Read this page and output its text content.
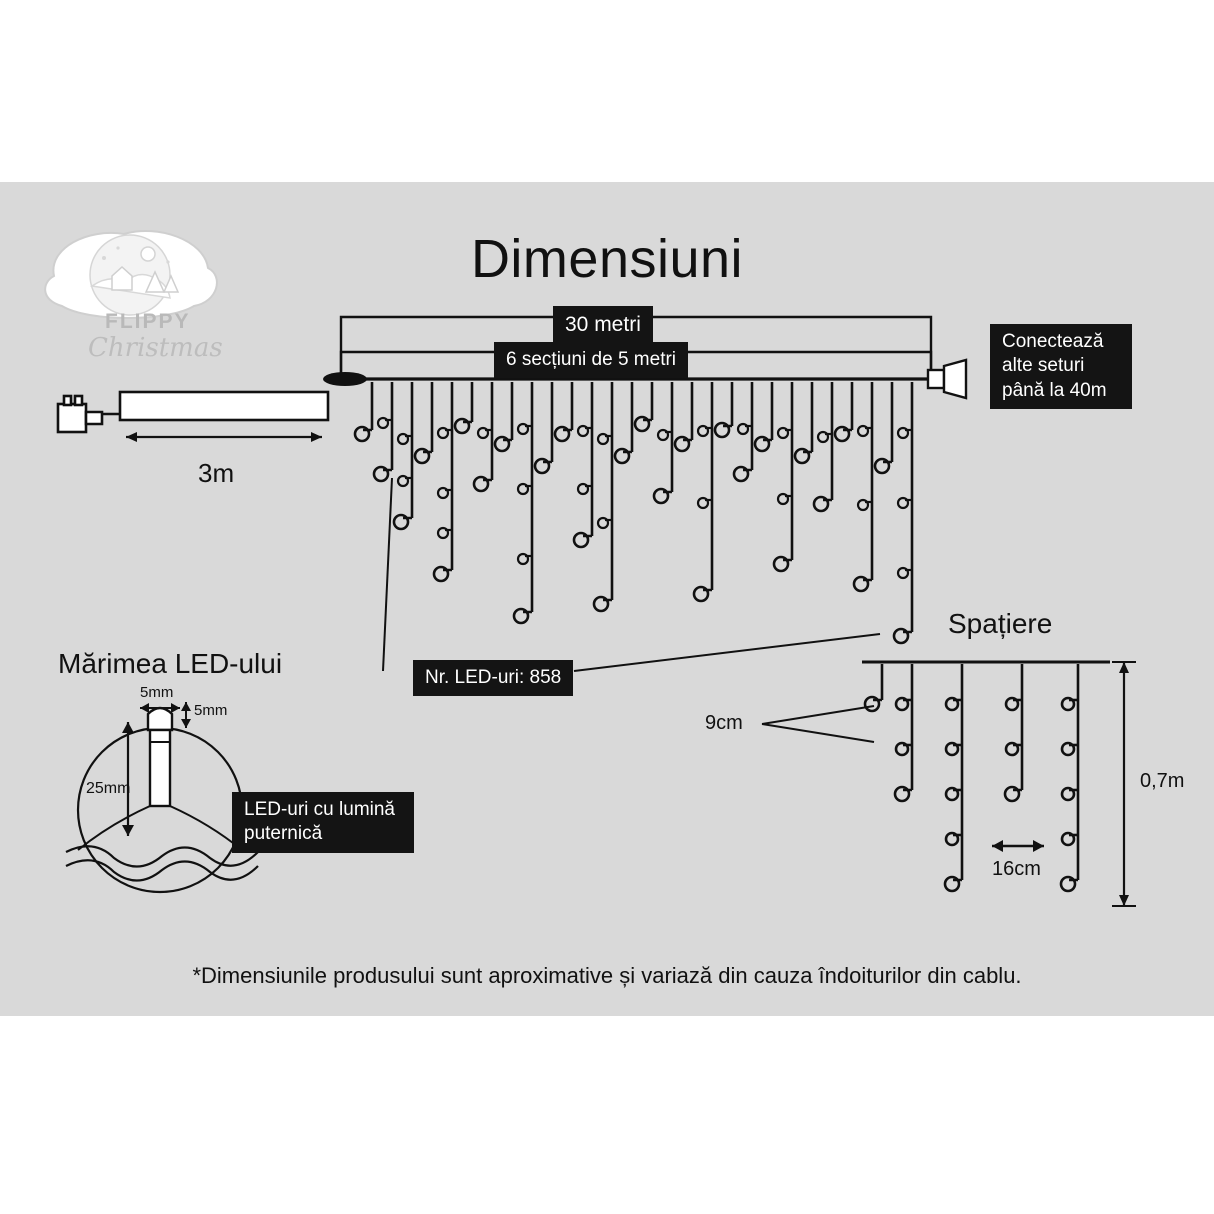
FLIPPY
Christmas
Dimensiuni
30 metri
6 secțiuni de 5 metri
3m
Conectează
alte seturi
până la 40m
Nr. LED-uri: 858
Spațiere
9cm
0,7m
16cm
Mărimea LED-ului
5mm
5mm
25mm
LED-uri cu lumină
puternică
*Dimensiunile produsului sunt aproximative și variază din cauza îndoiturilor din cablu.
